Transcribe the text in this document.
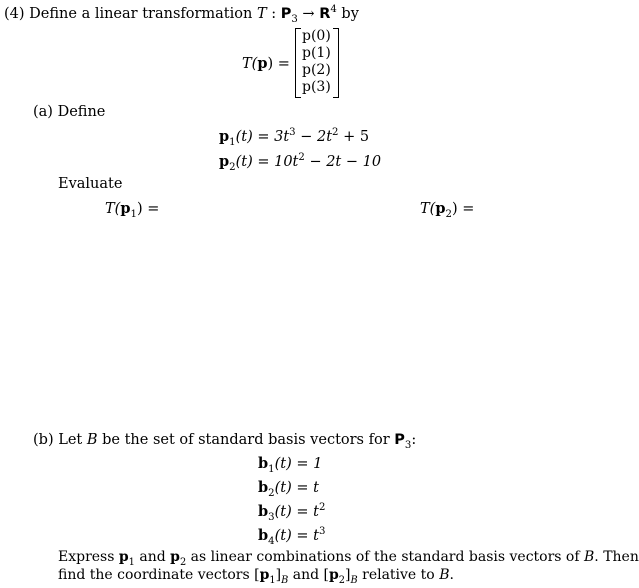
(4) Define a linear transformation T : $P_3 \to R^4$ by
T(p) =
p(0)
p(1)
p(2)
p(3)
(a) Define
$p_1(t) = 3t^3 - 2t^2 + 5$
$p_2(t) = 10t^2 - 2t - 10$
Evaluate
$T(p_1)$ =	$T(p_2)$ =
(b) Let B be the set of standard basis vectors for $P_3$:
$b_1(t) = 1$
$b_2(t) = t$
$b_3(t) = t^2$
$b_4(t) = t^3$
Express $p_1$ and $p_2$ as linear combinations of the standard basis vectors of B. Then
find the coordinate vectors $[p_1]_B$ and $[p_2]_B$ relative to B.
